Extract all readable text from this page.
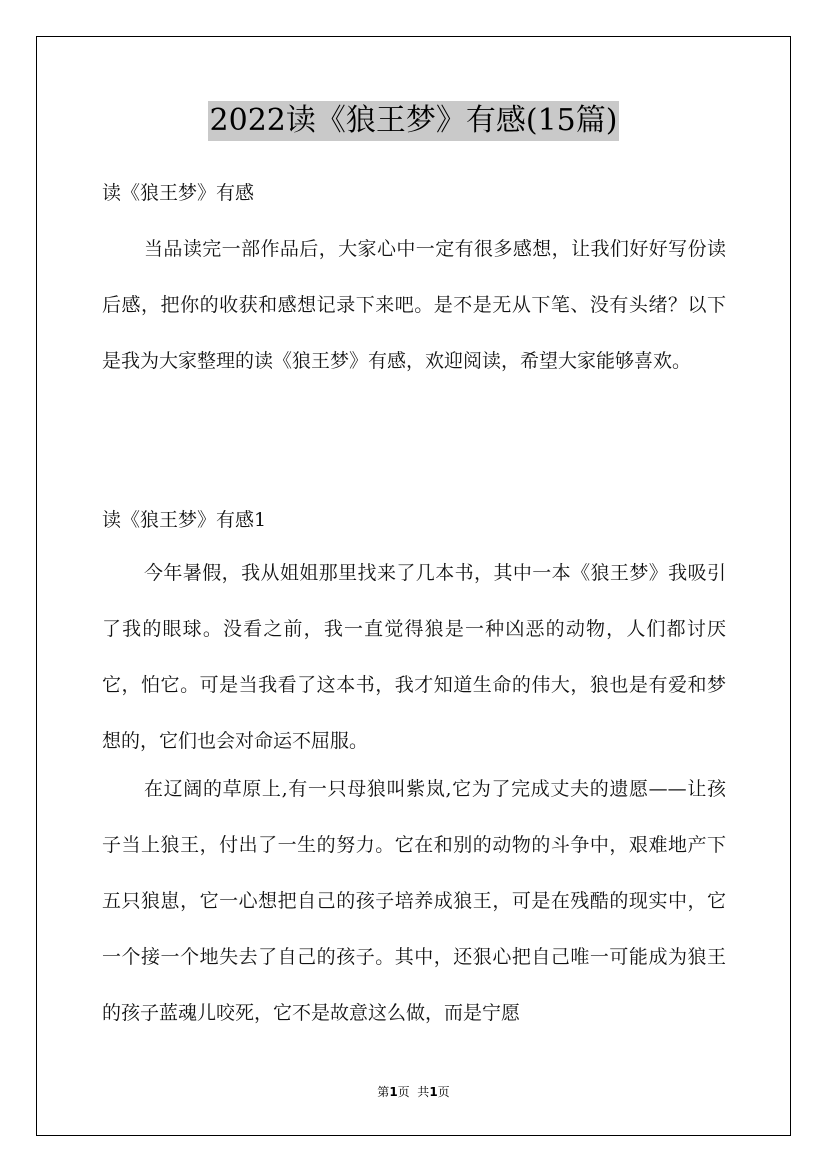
2022读《狼王梦》有感(15篇)
读《狼王梦》有感
当品读完一部作品后，大家心中一定有很多感想，让我们好好写份读后感，把你的收获和感想记录下来吧。是不是无从下笔、没有头绪？以下是我为大家整理的读《狼王梦》有感，欢迎阅读，希望大家能够喜欢。
读《狼王梦》有感1
今年暑假，我从姐姐那里找来了几本书，其中一本《狼王梦》我吸引了我的眼球。没看之前，我一直觉得狼是一种凶恶的动物，人们都讨厌它，怕它。可是当我看了这本书，我才知道生命的伟大，狼也是有爱和梦想的，它们也会对命运不屈服。
在辽阔的草原上,有一只母狼叫紫岚,它为了完成丈夫的遗愿——让孩子当上狼王，付出了一生的努力。它在和别的动物的斗争中，艰难地产下五只狼崽，它一心想把自己的孩子培养成狼王，可是在残酷的现实中，它一个接一个地失去了自己的孩子。其中，还狠心把自己唯一可能成为狼王的孩子蓝魂儿咬死，它不是故意这么做，而是宁愿
第1页  共1页
